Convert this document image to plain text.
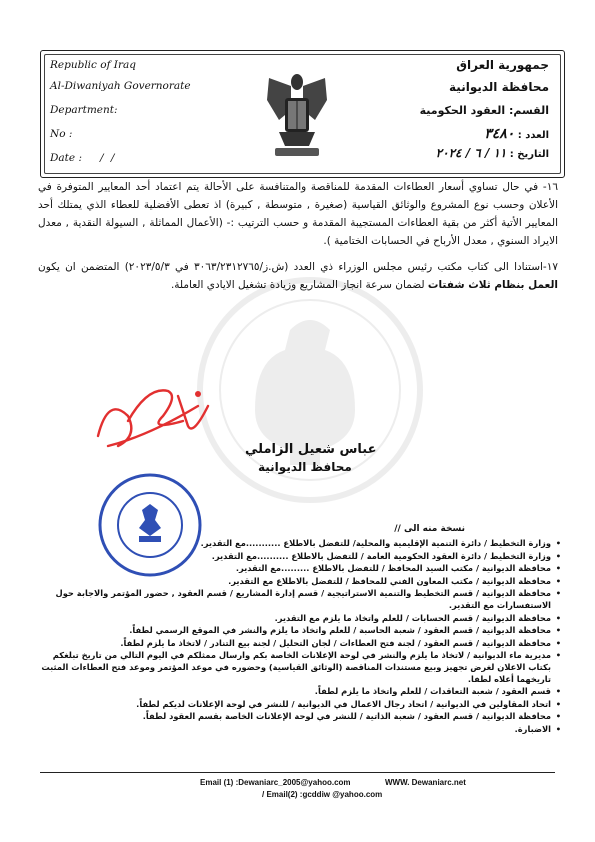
Republic of Iraq
Al-Diwaniyah Governorate
Department:
No :
Date : / /
جمهورية العراق
محافظة الديوانية
القسم: العقود الحكومية
العدد : ٣٤٨٠
التاريخ : ١١ / ٦ / ٢٠٢٤
١٦- في حال تساوي أسعار العطاءات المقدمة للمناقصة والمتنافسة على الأحالة يتم اعتماد أحد المعايير المتوفرة في الأعلان وحسب نوع المشروع والوثائق القياسية (صغيرة , متوسطة , كبيرة) اذ تعطى الأفضلية للعطاء الذي يمتلك أحد المعايير الأتية أكثر من بقية العطاءات المستجيبة المقدمة و حسب الترتيب :- (الأعمال المماثلة , السيولة النقدية , معدل الايراد السنوي , معدل الأرباح في الحسابات الختامية ).
١٧-استنادا الى كتاب مكتب رئيس مجلس الوزراء ذي العدد (ش.ز/٣٠٦٣/٢٣١٢٧٦٥ في ٢٠٢٣/٥/٣) المتضمن ان يكون العمل بنظام ثلاث شفتات لضمان سرعة انجاز المشاريع وزيادة تشغيل الايادي العاملة.
عباس شعيل الزاملي
محافظ الديوانية
نسخة منه الى //
• وزارة التخطيط / دائرة التنمية الإقليمية والمحلية/ للتفضل بالاطلاع ...........مع التقدير.
• وزارة التخطيط / دائرة العقود الحكومية العامة / للتفضل بالاطلاع ..........مع التقدير.
• محافظة الديوانية / مكتب السيد المحافظ / للتفضل بالاطلاع .........مع التقدير.
• محافظة الديوانية / مكتب المعاون الفني للمحافظ / للتفضل بالاطلاع مع التقدير.
• محافظة الديوانية / قسم التخطيط والتنمية الاستراتيجية / قسم إدارة المشاريع / قسم العقود , حضور المؤتمر والاجابة حول الاستفسارات مع التقدير.
• محافظة الديوانية / قسم الحسابات / للعلم واتخاذ ما يلزم مع التقدير.
• محافظة الديوانية / قسم العقود / شعبة الحاسبة / للعلم واتخاذ ما يلزم والنشر في الموقع الرسمي لطفاً.
• محافظة الديوانية / قسم العقود / لجنة فتح العطاءات / لجان التحليل / لجنة بيع التنادر / لاتخاذ ما يلزم لطفاً.
• مديرية ماء الديوانية / لاتخاذ ما يلزم والنشر في لوحة الإعلانات الخاصة بكم وارسال ممثلكم في اليوم التالي من تاريخ تبلغكم بكتاب الاعلان لغرض تجهيز وبيع مستندات المناقصة (الوثائق القياسية) وحضوره في موعد المؤتمر وموعد فتح العطاءات المثبت تاريخهما أعلاه لطفا.
• قسم العقود / شعبة التعاقدات / للعلم واتخاذ ما يلزم لطفاً.
• اتحاد المقاولين في الديوانية / اتحاد رجال الاعمال في الديوانية / للنشر في لوحة الإعلانات لديكم لطفاً.
• محافظة الديوانية / قسم العقود / شعبة الذاتية / للنشر في لوحة الإعلانات الخاصة بقسم العقود لطفاً.
• الاضبارة.
Email (1) :Dewaniarc_2005@yahoo.com	WWW. Dewaniarc.net
/ Email(2) :gcddiw @yahoo.com
